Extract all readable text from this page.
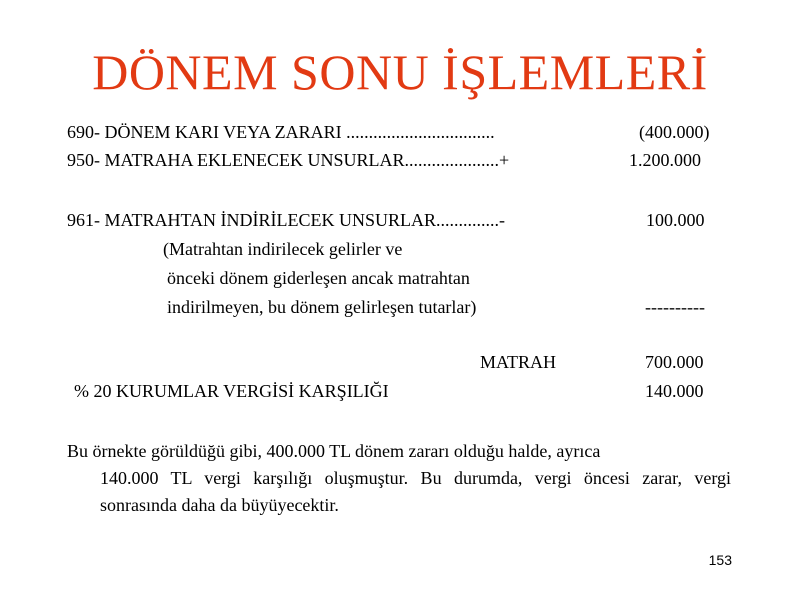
DÖNEM SONU İŞLEMLERİ
690- DÖNEM KARI VEYA ZARARI .................................	(400.000)
950- MATRAHA EKLENECEK UNSURLAR.....................+	1.200.000
961- MATRAHTAN İNDİRİLECEK UNSURLAR..............-	100.000
(Matrahtan indirilecek gelirler ve
önceki dönem giderleşen ancak matrahtan
indirilmeyen, bu dönem gelirleşen tutarlar)	----------
MATRAH	700.000
% 20 KURUMLAR VERGİSİ KARŞILIĞI	140.000
Bu örnekte görüldüğü gibi, 400.000 TL dönem zararı olduğu halde, ayrıca
140.000 TL vergi karşılığı oluşmuştur. Bu durumda, vergi öncesi zarar, vergi sonrasında daha da büyüyecektir.
153
